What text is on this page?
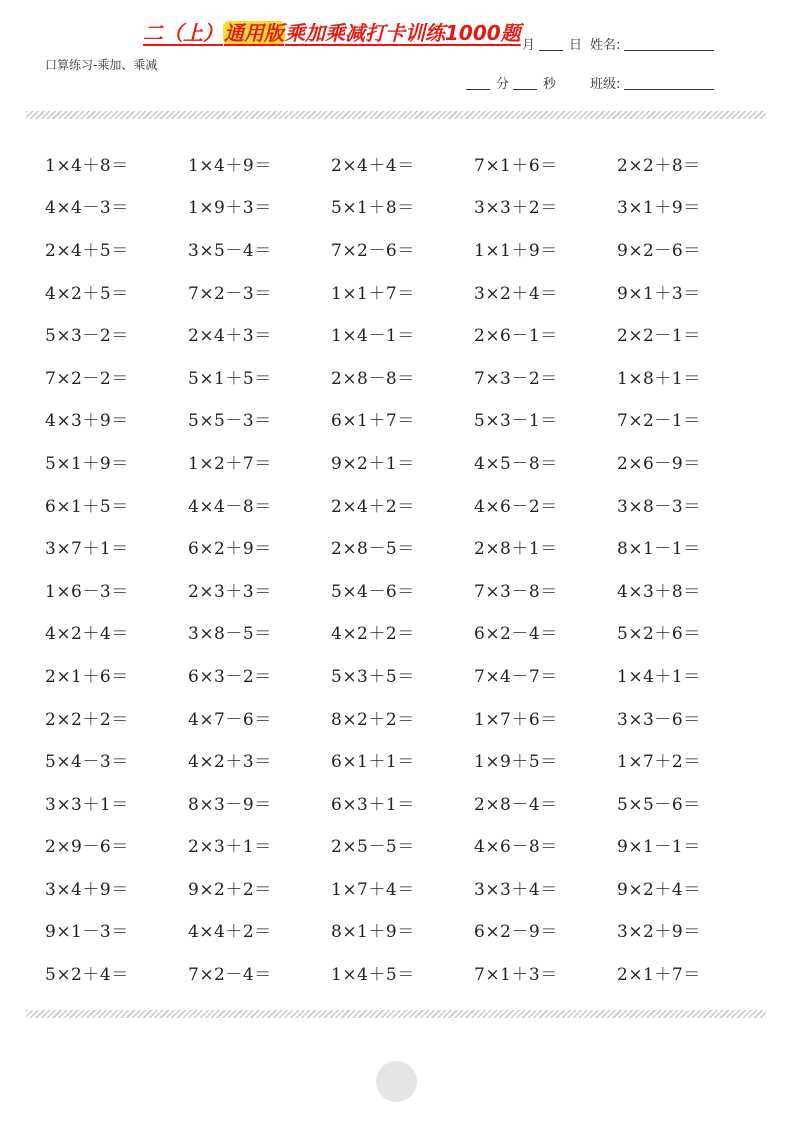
二（上）通用版乘加乘减打卡训练1000题
口算练习-乘加、乘减
月	日
分	秒
姓名:
班级:
1×4＋8＝	1×4＋9＝	2×4＋4＝	7×1＋6＝	2×2＋8＝
4×4－3＝	1×9＋3＝	5×1＋8＝	3×3＋2＝	3×1＋9＝
2×4＋5＝	3×5－4＝	7×2－6＝	1×1＋9＝	9×2－6＝
4×2＋5＝	7×2－3＝	1×1＋7＝	3×2＋4＝	9×1＋3＝
5×3－2＝	2×4＋3＝	1×4－1＝	2×6－1＝	2×2－1＝
7×2－2＝	5×1＋5＝	2×8－8＝	7×3－2＝	1×8＋1＝
4×3＋9＝	5×5－3＝	6×1＋7＝	5×3－1＝	7×2－1＝
5×1＋9＝	1×2＋7＝	9×2＋1＝	4×5－8＝	2×6－9＝
6×1＋5＝	4×4－8＝	2×4＋2＝	4×6－2＝	3×8－3＝
3×7＋1＝	6×2＋9＝	2×8－5＝	2×8＋1＝	8×1－1＝
1×6－3＝	2×3＋3＝	5×4－6＝	7×3－8＝	4×3＋8＝
4×2＋4＝	3×8－5＝	4×2＋2＝	6×2－4＝	5×2＋6＝
2×1＋6＝	6×3－2＝	5×3＋5＝	7×4－7＝	1×4＋1＝
2×2＋2＝	4×7－6＝	8×2＋2＝	1×7＋6＝	3×3－6＝
5×4－3＝	4×2＋3＝	6×1＋1＝	1×9＋5＝	1×7＋2＝
3×3＋1＝	8×3－9＝	6×3＋1＝	2×8－4＝	5×5－6＝
2×9－6＝	2×3＋1＝	2×5－5＝	4×6－8＝	9×1－1＝
3×4＋9＝	9×2＋2＝	1×7＋4＝	3×3＋4＝	9×2＋4＝
9×1－3＝	4×4＋2＝	8×1＋9＝	6×2－9＝	3×2＋9＝
5×2＋4＝	7×2－4＝	1×4＋5＝	7×1＋3＝	2×1＋7＝
